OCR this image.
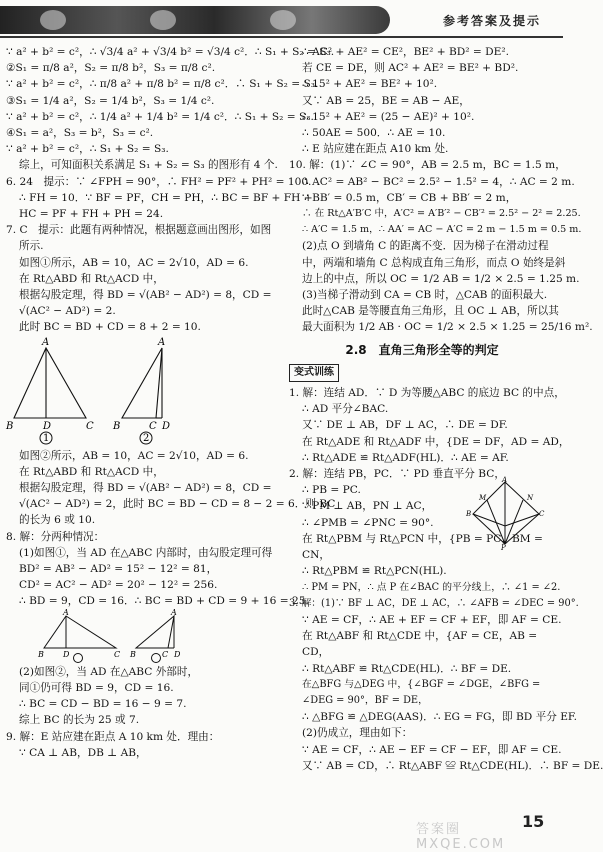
参考答案及提示
∵ a² + b² = c²，∴ √3/4 a² + √3/4 b² = √3/4 c²．∴ S₁ + S₂ = S₃.
②S₁ = π/8 a²，S₂ = π/8 b²，S₃ = π/8 c².
∵ a² + b² = c²，∴ π/8 a² + π/8 b² = π/8 c²．∴ S₁ + S₂ = S₃.
③S₁ = 1/4 a²，S₂ = 1/4 b²，S₃ = 1/4 c².
∵ a² + b² = c²，∴ 1/4 a² + 1/4 b² = 1/4 c²．∴ S₁ + S₂ = S₃.
④S₁ = a²，S₃ = b²，S₃ = c².
∵ a² + b² = c²，∴ S₁ + S₂ = S₃.
综上，可知面积关系满足 S₁ + S₂ = S₃ 的图形有 4 个.
6. 24　提示：∵ ∠FPH = 90°，∴ FH² = PF² + PH² = 100.
∴ FH = 10．∵ BF = PF，CH = PH，∴ BC = BF + FH +
HC = PF + FH + PH = 24.
7. C　提示：此题有两种情况，根据题意画出图形，如图
所示.
如图①所示，AB = 10，AC = 2√10，AD = 6.
在 Rt△ABD 和 Rt△ACD 中，
根据勾股定理，得 BD = √(AB² − AD²) = 8，CD =
√(AC² − AD²) = 2.
此时 BC = BD + CD = 8 + 2 = 10.
A
B	D	C
1
A
B	C D
2
如图②所示，AB = 10，AC = 2√10，AD = 6.
在 Rt△ABD 和 Rt△ACD 中，
根据勾股定理，得 BD = √(AB² − AD²) = 8，CD =
√(AC² − AD²) = 2，此时 BC = BD − CD = 8 − 2 = 6．则 BC
的长为 6 或 10.
8. 解：分两种情况：
(1)如图①，当 AD 在△ABC 内部时，由勾股定理可得
BD² = AB² − AD² = 15² − 12² = 81，
CD² = AC² − AD² = 20² − 12² = 256.
∴ BD = 9，CD = 16．∴ BC = BD + CD = 9 + 16 = 25.
A
B D	C
A
B	C D
(2)如图②，当 AD 在△ABC 外部时，
同①仍可得 BD = 9，CD = 16.
∴ BC = CD − BD = 16 − 9 = 7.
综上 BC 的长为 25 或 7.
9. 解：E 站应建在距点 A 10 km 处．理由：
∵ CA ⊥ AB，DB ⊥ AB，
∴ AC² + AE² = CE²，BE² + BD² = DE².
若 CE = DE，则 AC² + AE² = BE² + BD².
∴ 15² + AE² = BE² + 10².
又∵ AB = 25，BE = AB − AE，
∴ 15² + AE² = (25 − AE)² + 10².
∴ 50AE = 500．∴ AE = 10.
∴ E 站应建在距点 A10 km 处.
10. 解：(1)∵ ∠C = 90°，AB = 2.5 m，BC = 1.5 m，
∴ AC² = AB² − BC² = 2.5² − 1.5² = 4，∴ AC = 2 m.
∵ BB′ = 0.5 m，CB′ = CB + BB′ = 2 m，
∴ 在 Rt△A′B′C 中，A′C² = A′B′² − CB′² = 2.5² − 2² = 2.25.
∴ A′C = 1.5 m，∴ AA′ = AC − A′C = 2 m − 1.5 m = 0.5 m.
(2)点 O 到墙角 C 的距离不变．因为梯子在滑动过程
中，两端和墙角 C 总构成直角三角形，而点 O 始终是斜
边上的中点，所以 OC = 1/2 AB = 1/2 × 2.5 = 1.25 m.
(3)当梯子滑动到 CA = CB 时，△CAB 的面积最大.
此时△CAB 是等腰直角三角形，且 OC ⊥ AB，所以其
最大面积为 1/2 AB · OC = 1/2 × 2.5 × 1.25 = 25/16 m².
2.8　直角三角形全等的判定
变式训练
1. 解：连结 AD．∵ D 为等腰△ABC 的底边 BC 的中点，
∴ AD 平分∠BAC.
又∵ DE ⊥ AB，DF ⊥ AC，∴ DE = DF.
在 Rt△ADE 和 Rt△ADF 中，{DE = DF，AD = AD，
∴ Rt△ADE ≌ Rt△ADF(HL)．∴ AE = AF.
2. 解：连结 PB，PC．∵ PD 垂直平分 BC，
A
B	C
P
M	N
∴ PB = PC.
∵ PM ⊥ AB，PN ⊥ AC，
∴ ∠PMB = ∠PNC = 90°.
在 Rt△PBM 与 Rt△PCN 中，{PB = PC，BM = CN，
∴ Rt△PBM ≌ Rt△PCN(HL).
∴ PM = PN，∴ 点 P 在∠BAC 的平分线上，∴ ∠1 = ∠2.
3. 解：(1)∵ BF ⊥ AC，DE ⊥ AC，∴ ∠AFB = ∠DEC = 90°.
∵ AE = CF，∴ AE + EF = CF + EF，即 AF = CE.
在 Rt△ABF 和 Rt△CDE 中，{AF = CE，AB = CD，
∴ Rt△ABF ≌ Rt△CDE(HL)．∴ BF = DE.
在△BFG 与△DEG 中，{∠BGF = ∠DGE，∠BFG = ∠DEG = 90°，BF = DE，
∴ △BFG ≌ △DEG(AAS)．∴ EG = FG，即 BD 平分 EF.
(2)仍成立，理由如下：
∵ AE = CF，∴ AE − EF = CF − EF，即 AF = CE.
又∵ AB = CD，∴ Rt△ABF ≌ Rt△CDE(HL)．∴ BF = DE.
答案圈 MXQE.COM
15
